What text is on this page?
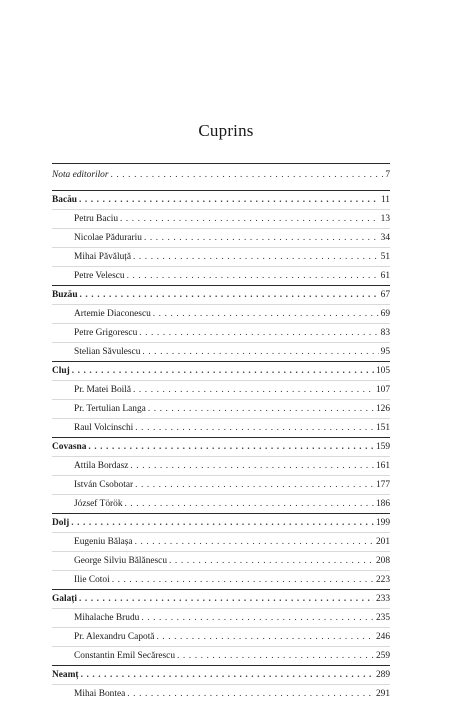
Cuprins
Nota editorilor . . .	7
Bacău . . .	11
Petru Baciu . . .	13
Nicolae Pădurariu . . .	34
Mihai Păvăluță . . .	51
Petre Velescu . . .	61
Buzău . . .	67
Artemie Diaconescu . . .	69
Petre Grigorescu . . .	83
Stelian Săvulescu . . .	95
Cluj . . .	105
Pr. Matei Boilă . . .	107
Pr. Tertulian Langa . . .	126
Raul Volcinschi . . .	151
Covasna . . .	159
Attila Bordasz . . .	161
István Csobotar . . .	177
József Török . . .	186
Dolj . . .	199
Eugeniu Bălașa . . .	201
George Silviu Bălănescu . . .	208
Ilie Cotoi . . .	223
Galați . . .	233
Mihalache Brudu . . .	235
Pr. Alexandru Capotă . . .	246
Constantin Emil Secărescu . . .	259
Neamț . . .	289
Mihai Bontea . . .	291
